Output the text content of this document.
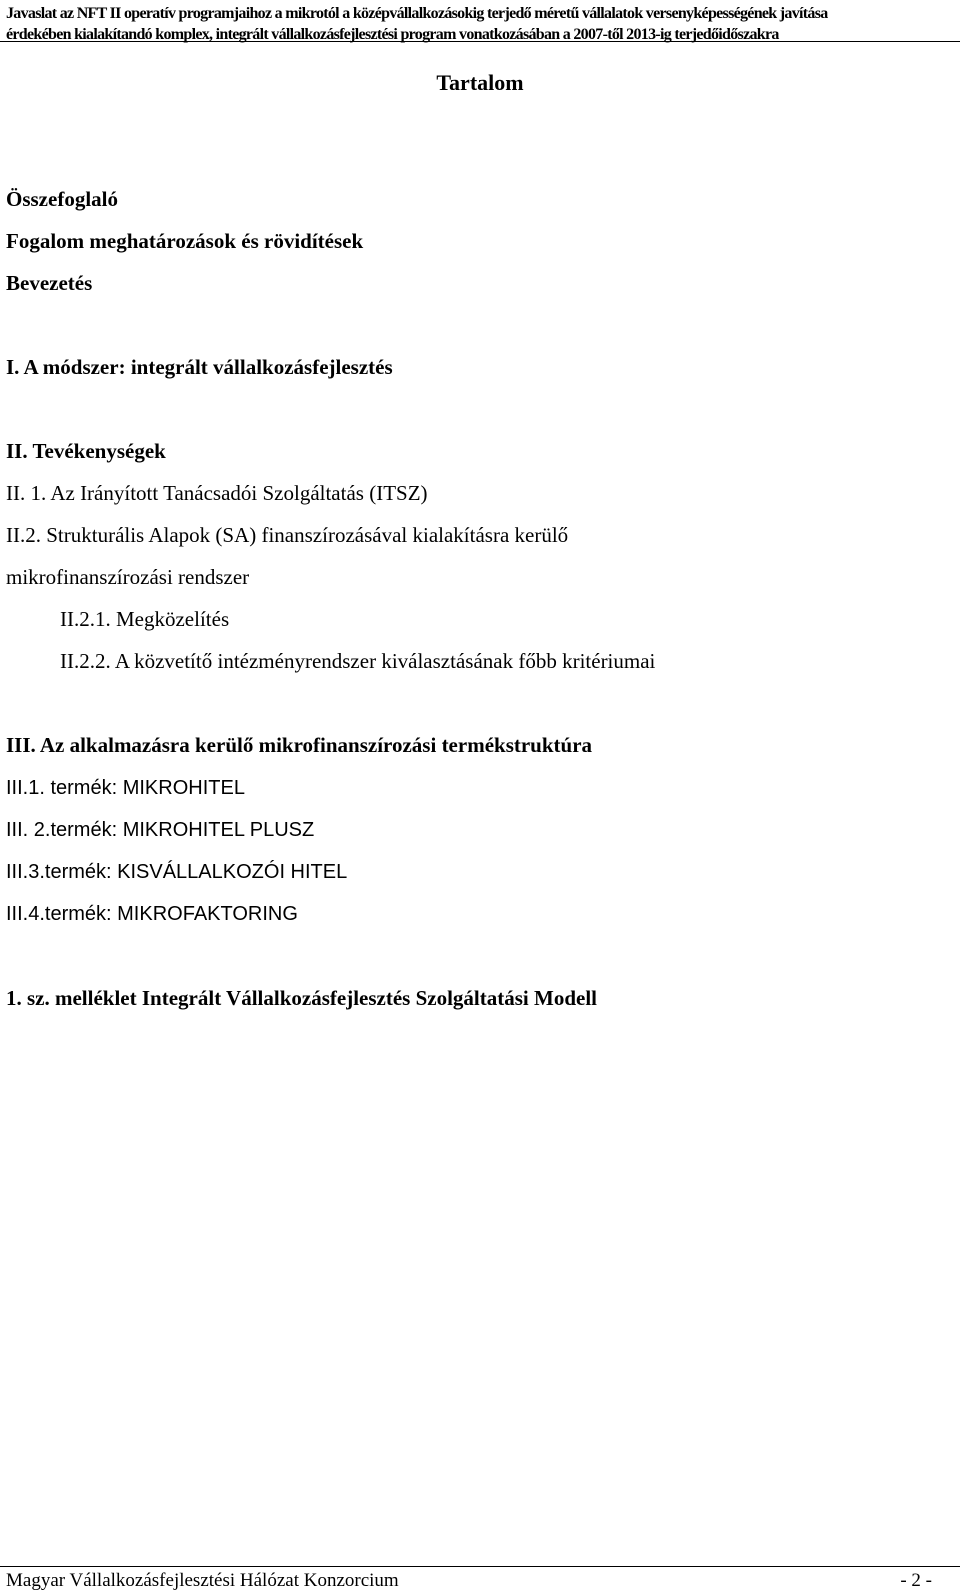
Javaslat az NFT II operatív programjaihoz a mikrotól a középvállalkozásokig terjedő méretű vállalatok versenyképességének javítása
érdekében kialakítandó komplex, integrált vállalkozásfejlesztési program vonatkozásában a 2007-től 2013-ig terjedőidőszakra
Tartalom
Összefoglaló
Fogalom meghatározások és rövidítések
Bevezetés
I. A módszer: integrált vállalkozásfejlesztés
II. Tevékenységek
II. 1. Az Irányított Tanácsadói Szolgáltatás (ITSZ)
II.2. Strukturális Alapok (SA) finanszírozásával kialakításra kerülő
mikrofinanszírozási rendszer
II.2.1. Megközelítés
II.2.2. A közvetítő intézményrendszer kiválasztásának főbb kritériumai
III. Az alkalmazásra kerülő mikrofinanszírozási termékstruktúra
III.1. termék: MIKROHITEL
III. 2.termék: MIKROHITEL PLUSZ
III.3.termék: KISVÁLLALKOZÓI HITEL
III.4.termék: MIKROFAKTORING
1. sz. melléklet Integrált Vállalkozásfejlesztés Szolgáltatási Modell
Magyar Vállalkozásfejlesztési Hálózat Konzorcium	- 2 -
